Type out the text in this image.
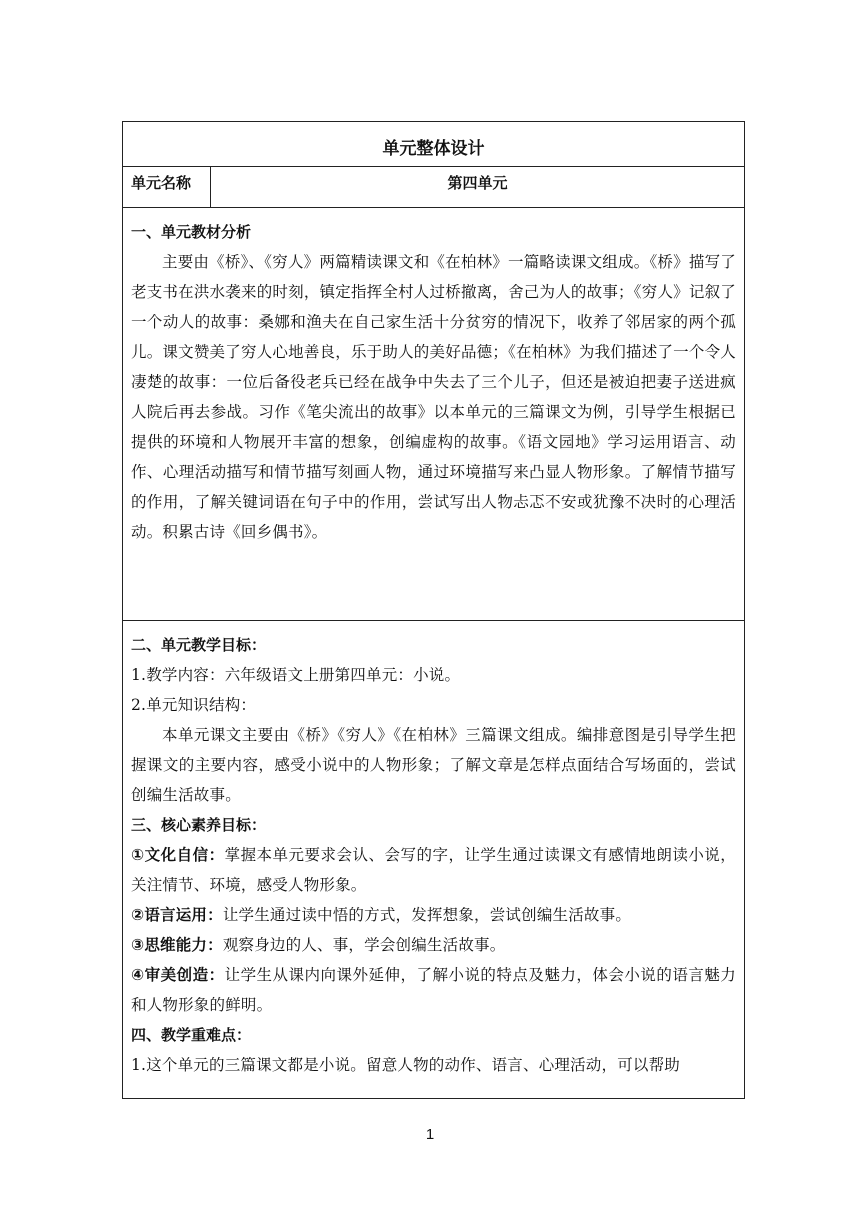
单元整体设计
单元名称	第四单元
一、单元教材分析
主要由《桥》、《穷人》两篇精读课文和《在柏林》一篇略读课文组成。《桥》描写了老支书在洪水袭来的时刻，镇定指挥全村人过桥撤离，舍己为人的故事；《穷人》记叙了一个动人的故事：桑娜和渔夫在自己家生活十分贫穷的情况下，收养了邻居家的两个孤儿。课文赞美了穷人心地善良，乐于助人的美好品德；《在柏林》为我们描述了一个令人凄楚的故事：一位后备役老兵已经在战争中失去了三个儿子，但还是被迫把妻子送进疯人院后再去参战。习作《笔尖流出的故事》以本单元的三篇课文为例，引导学生根据已提供的环境和人物展开丰富的想象，创编虚构的故事。《语文园地》学习运用语言、动作、心理活动描写和情节描写刻画人物，通过环境描写来凸显人物形象。了解情节描写的作用，了解关键词语在句子中的作用，尝试写出人物忐忑不安或犹豫不决时的心理活动。积累古诗《回乡偶书》。
二、单元教学目标：
1.教学内容：六年级语文上册第四单元：小说。
2.单元知识结构：
本单元课文主要由《桥》《穷人》《在柏林》三篇课文组成。编排意图是引导学生把握课文的主要内容，感受小说中的人物形象；了解文章是怎样点面结合写场面的，尝试创编生活故事。
三、核心素养目标：
①文化自信：掌握本单元要求会认、会写的字，让学生通过读课文有感情地朗读小说，关注情节、环境，感受人物形象。
②语言运用：让学生通过读中悟的方式，发挥想象，尝试创编生活故事。
③思维能力：观察身边的人、事，学会创编生活故事。
④审美创造：让学生从课内向课外延伸，了解小说的特点及魅力，体会小说的语言魅力和人物形象的鲜明。
四、教学重难点：
1.这个单元的三篇课文都是小说。留意人物的动作、语言、心理活动，可以帮助
1
